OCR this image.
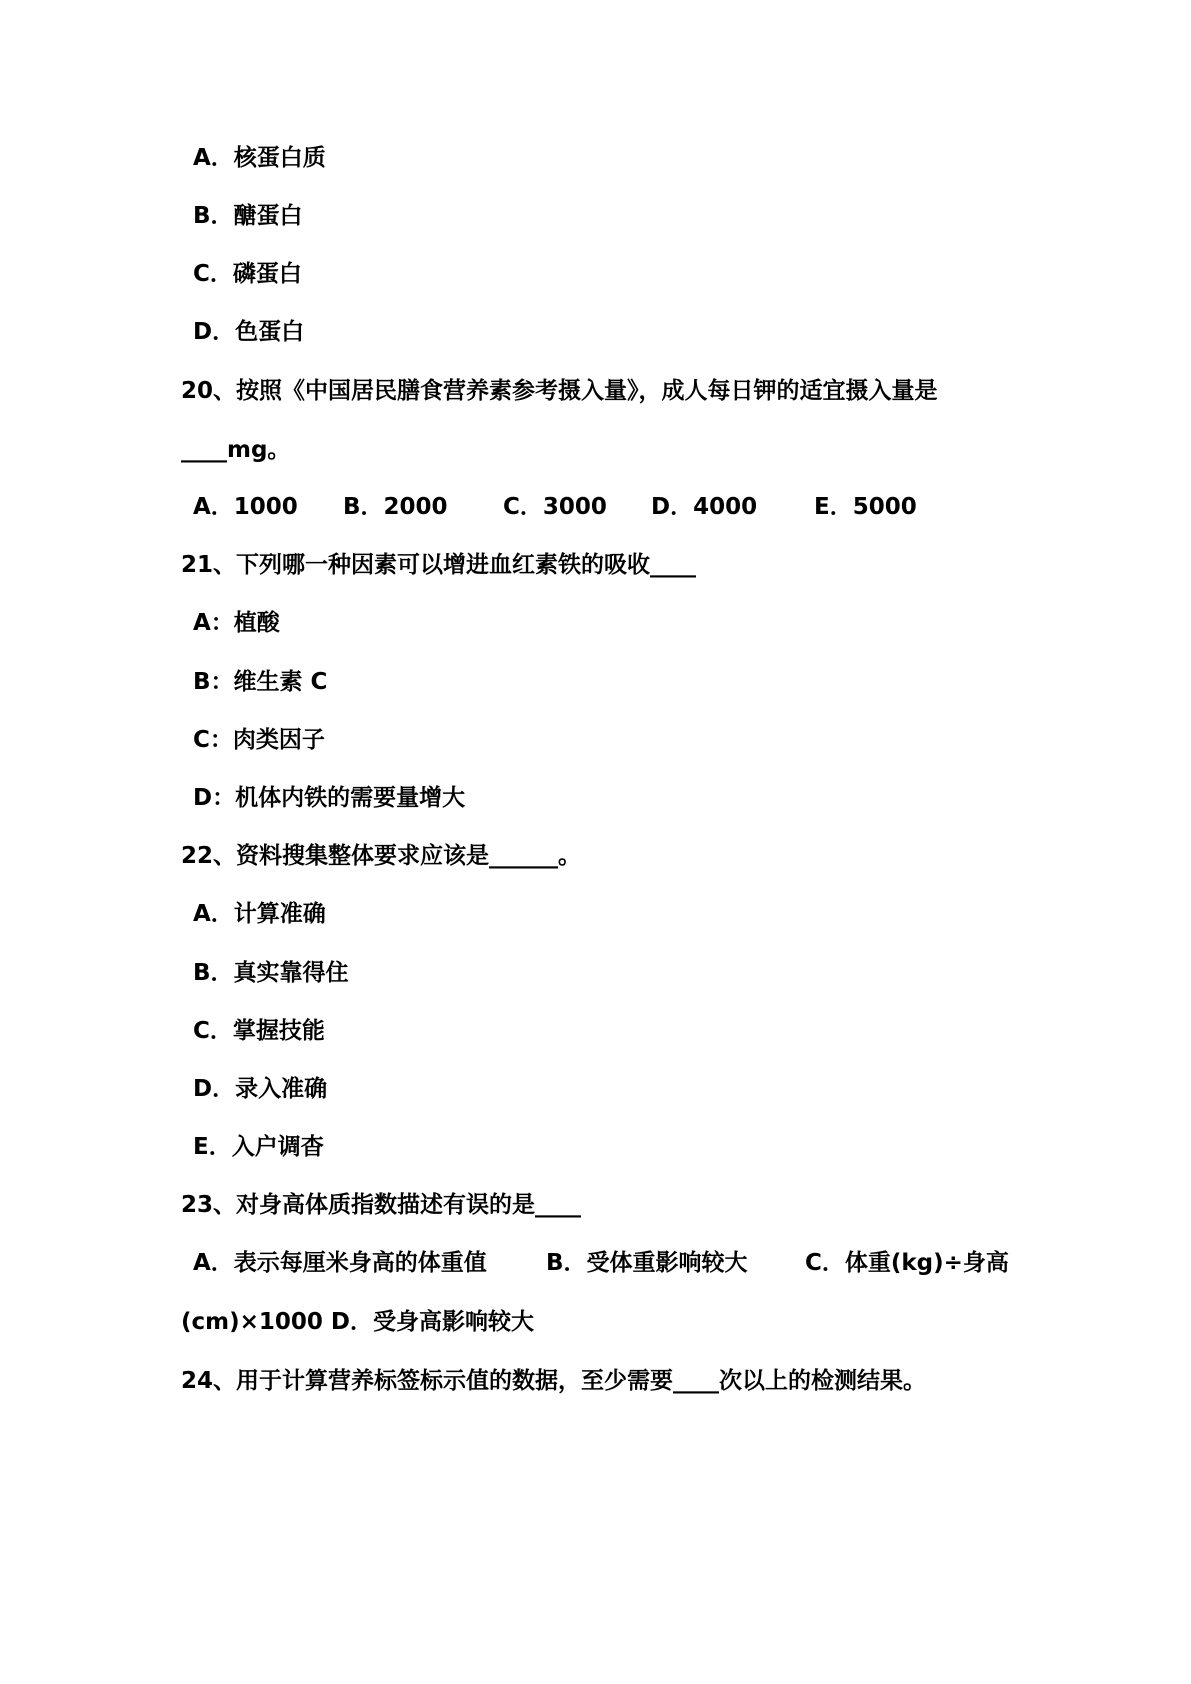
A．核蛋白质
B．醣蛋白
C．磷蛋白
D．色蛋白
20、按照《中国居民膳食营养素参考摄入量》，成人每日钾的适宜摄入量是
____mg。
A．1000 B．2000 C．3000 D．4000 E．5000
21、下列哪一种因素可以增进血红素铁的吸收____
A：植酸
B：维生素 C
C：肉类因子
D：机体内铁的需要量增大
22、资料搜集整体要求应该是______。
A．计算准确
B．真实靠得住
C．掌握技能
D．录入准确
E．入户调杳
23、对身高体质指数描述有误的是____
A．表示每厘米身高的体重值	B．受体重影响较大 C．体重(kg)÷身高
(cm)×1000 D．受身高影响较大
24、用于计算营养标签标示值的数据，至少需要____次以上的检测结果。
